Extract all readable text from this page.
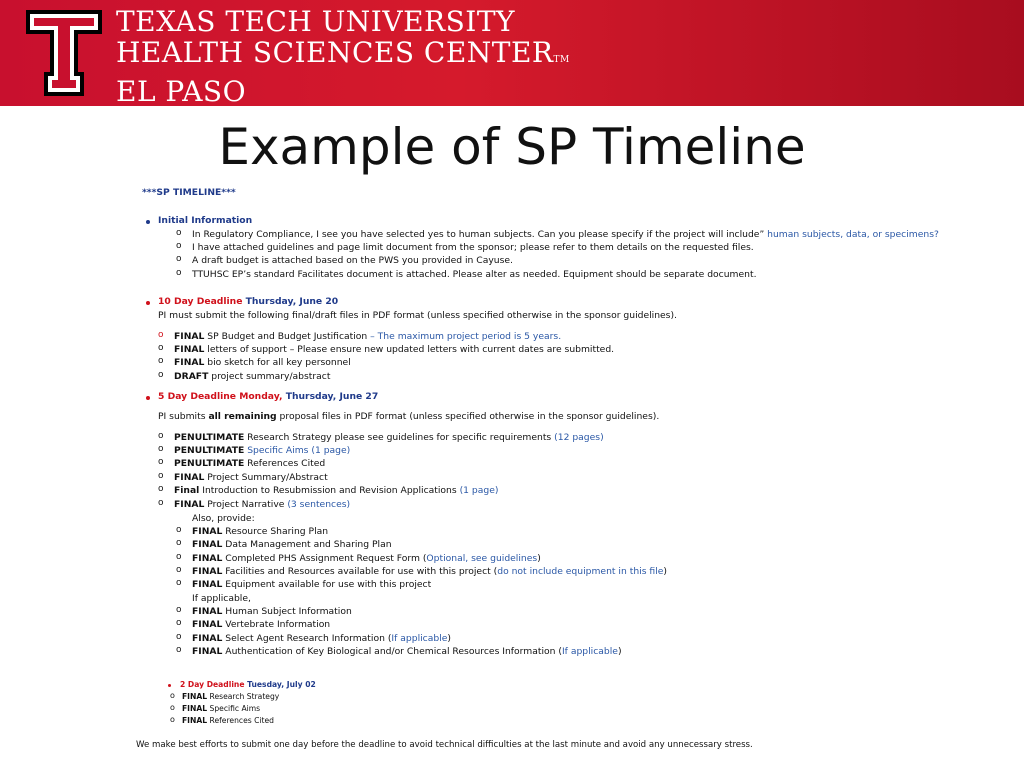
TEXAS TECH UNIVERSITY
HEALTH SCIENCES CENTERTM
EL PASO
Example of SP Timeline
***SP TIMELINE***
Initial Information
o In Regulatory Compliance, I see you have selected yes to human subjects. Can you please specify if the project will include” human subjects, data, or specimens?
o I have attached guidelines and page limit document from the sponsor; please refer to them details on the requested files.
o A draft budget is attached based on the PWS you provided in Cayuse.
o TTUHSC EP’s standard Facilitates document is attached. Please alter as needed. Equipment should be separate document.
10 Day Deadline Thursday, June 20
PI must submit the following final/draft files in PDF format (unless specified otherwise in the sponsor guidelines).
o FINAL SP Budget and Budget Justification – The maximum project period is 5 years.
o FINAL letters of support – Please ensure new updated letters with current dates are submitted.
o FINAL bio sketch for all key personnel
o DRAFT project summary/abstract
5 Day Deadline Monday, Thursday, June 27
PI submits all remaining proposal files in PDF format (unless specified otherwise in the sponsor guidelines).
o PENULTIMATE Research Strategy please see guidelines for specific requirements (12 pages)
o PENULTIMATE Specific Aims (1 page)
o PENULTIMATE References Cited
o FINAL Project Summary/Abstract
o Final Introduction to Resubmission and Revision Applications (1 page)
o FINAL Project Narrative (3 sentences)
Also, provide:
o FINAL Resource Sharing Plan
o FINAL Data Management and Sharing Plan
o FINAL Completed PHS Assignment Request Form (Optional, see guidelines)
o FINAL Facilities and Resources available for use with this project (do not include equipment in this file)
o FINAL Equipment available for use with this project
If applicable,
o FINAL Human Subject Information
o FINAL Vertebrate Information
o FINAL Select Agent Research Information (If applicable)
o FINAL Authentication of Key Biological and/or Chemical Resources Information (If applicable)
2 Day Deadline Tuesday, July 02
o FINAL Research Strategy
o FINAL Specific Aims
o FINAL References Cited
We make best efforts to submit one day before the deadline to avoid technical difficulties at the last minute and avoid any unnecessary stress.
